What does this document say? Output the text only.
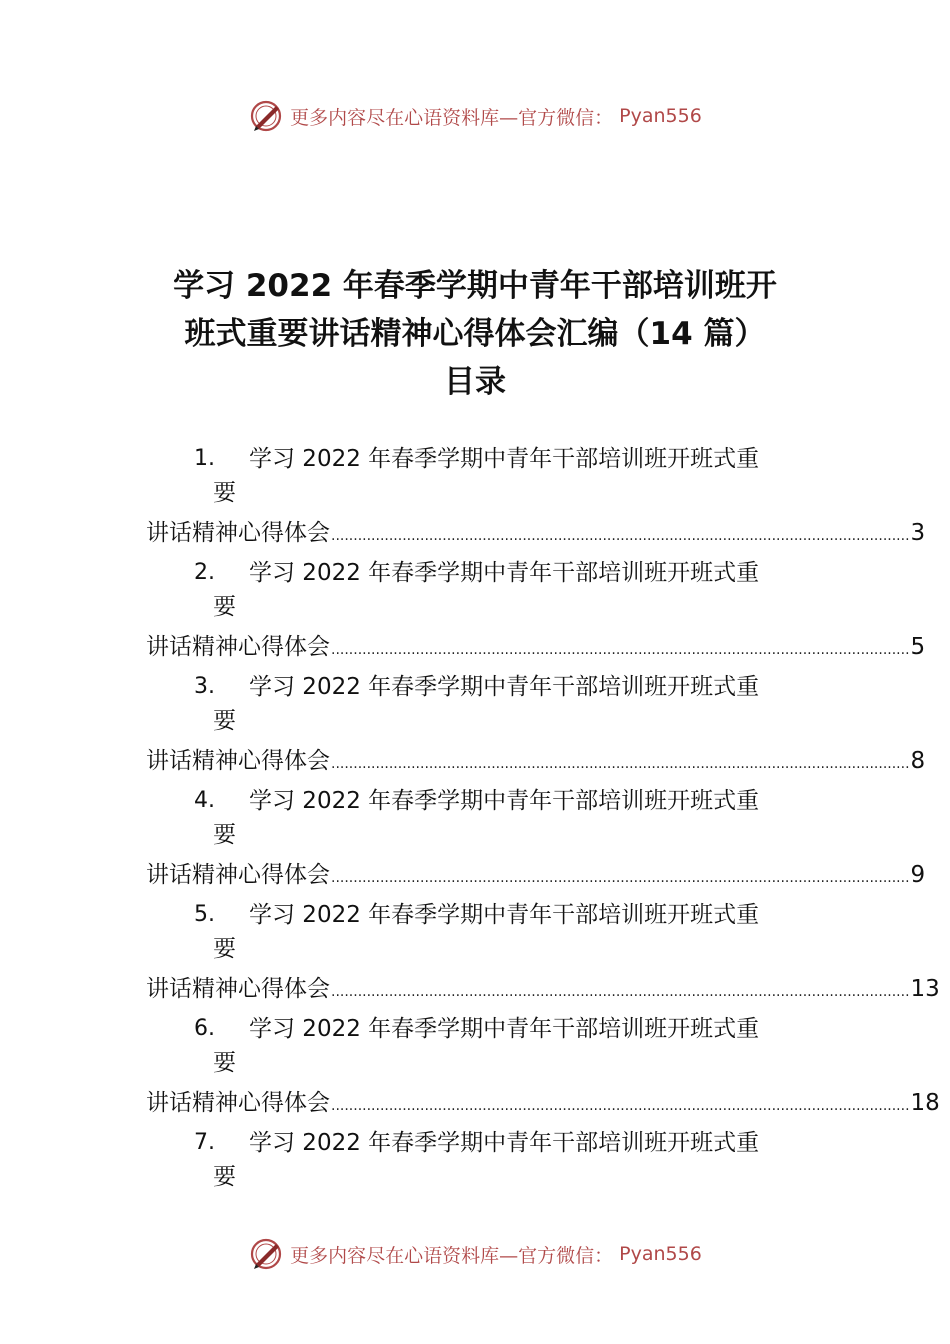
更多内容尽在心语资料库—官方微信： Pyan556
学习 2022 年春季学期中青年干部培训班开
班式重要讲话精神心得体会汇编（14 篇）
目录
1.	学习 2022 年春季学期中青年干部培训班开班式重
要
讲话精神心得体会 .................................................................................................................................. 3
2.	学习 2022 年春季学期中青年干部培训班开班式重
要
讲话精神心得体会 .................................................................................................................................. 5
3.	学习 2022 年春季学期中青年干部培训班开班式重
要
讲话精神心得体会 .................................................................................................................................. 8
4.	学习 2022 年春季学期中青年干部培训班开班式重
要
讲话精神心得体会 .................................................................................................................................. 9
5.	学习 2022 年春季学期中青年干部培训班开班式重
要
讲话精神心得体会 .................................................................................................................................. 13
6.	学习 2022 年春季学期中青年干部培训班开班式重
要
讲话精神心得体会 .................................................................................................................................. 18
7.	学习 2022 年春季学期中青年干部培训班开班式重
要
更多内容尽在心语资料库—官方微信： Pyan556
